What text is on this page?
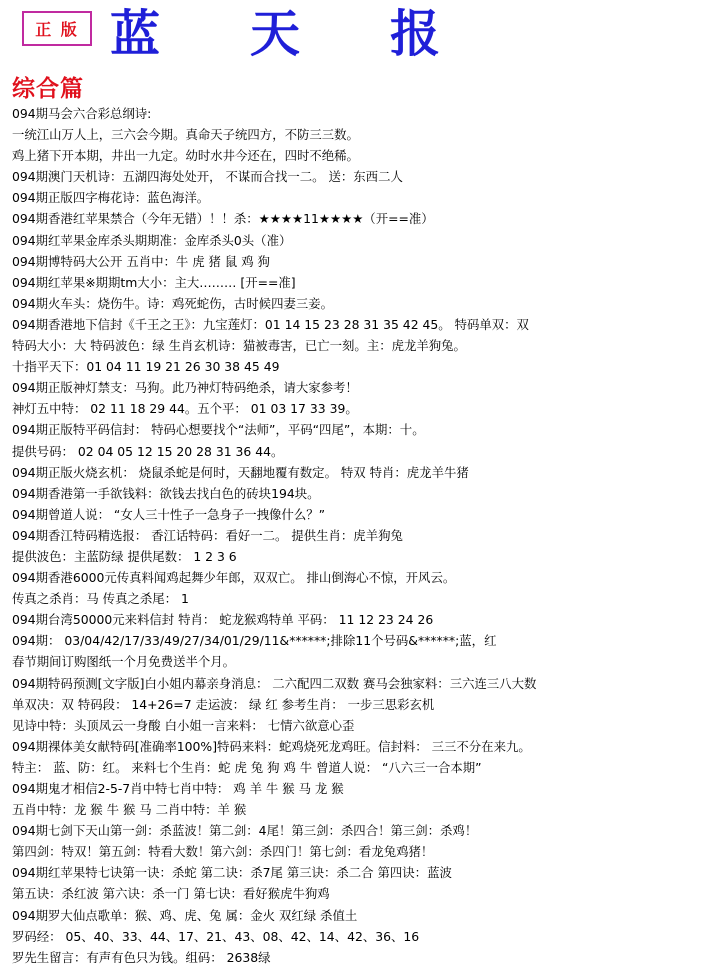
正 版 蓝 天 报
综合篇
094期马会六合彩总纲诗:
一统江山万人上，三六会今期。真命天子统四方，不防三三数。
鸡上猪下开本期，井出一九定。幼时水井今还在，四时不绝稀。
094期澳门天机诗：五湖四海处处开， 不谋而合找一二。 送：东西二人
094期正版四字梅花诗：蓝色海洋。
094期香港红苹果禁合（今年无错）！！杀：★★★★11★★★★（开==准）
094期红苹果金库杀头期期准：金库杀头0头（准）
094期博特码大公开 五肖中：牛 虎 猪 鼠 鸡 狗
094期红苹果※期期tm大小：主大……… [开==准]
094期火车头：烧伤牛。诗：鸡死蛇伤，古时候四妻三妾。
094期香港地下信封《千王之王》：九宝莲灯：01 14 15 23 28 31 35 42 45。 特码单双：双
特码大小：大 特码波色：绿 生肖玄机诗：猫被毒害，已亡一刻。主：虎龙羊狗兔。
十指平天下：01 04 11 19 21 26 30 38 45 49
094期正版神灯禁支：马狗。此乃神灯特码绝杀，请大家参考！
神灯五中特： 02 11 18 29 44。五个平： 01 03 17 33 39。
094期正版特平码信封： 特码心想要找个“法师”，平码“四尾”，本期：十。
提供号码： 02 04 05 12 15 20 28 31 36 44。
094期正版火烧玄机： 烧鼠杀蛇是何时，天翻地覆有数定。 特双 特肖：虎龙羊牛猪
094期香港第一手欲钱料：欲钱去找白色的砖块194块。
094期曾道人说： “女人三十性子一急身子一拽像什么？”
094期香江特码精选报： 香江话特码：看好一二。 提供生肖：虎羊狗兔
提供波色：主蓝防绿 提供尾数： 1 2 3 6
094期香港6000元传真料闻鸡起舞少年郎，双双亡。 排山倒海心不惊，开风云。
传真之杀肖：马 传真之杀尾： 1
094期台湾50000元来料信封 特肖： 蛇龙猴鸡特单 平码： 11 12 23 24 26
094期： 03/04/42/17/33/49/27/34/01/29/11&******;排除11个号码&******;蓝，红
春节期间订购图纸一个月免费送半个月。
094期特码预测[文字版]白小姐内幕亲身消息： 二六配四二双数 赛马会独家料：三六连三八大数
单双决：双 特码段： 14+26=7 走运波： 绿 红 参考生肖： 一步三思彩玄机
见诗中特：头顶凤云一身酸 白小姐一言来料： 七情六欲意心歪
094期裸体美女献特码[准确率100%]特码来料：蛇鸡烧死龙鸡旺。信封料： 三三不分在来九。
特主： 蓝、防：红。 来料七个生肖：蛇 虎 兔 狗 鸡 牛 曾道人说： “八六三一合本期”
094期鬼才相信2-5-7肖中特七肖中特： 鸡 羊 牛 猴 马 龙 猴
五肖中特：龙 猴 牛 猴 马 二肖中特：羊 猴
094期七剑下天山第一剑：杀蓝波！第二剑：4尾！第三剑：杀四合！第三剑：杀鸡！
第四剑：特双！第五剑：特看大数！第六剑：杀四门！第七剑：看龙兔鸡猪！
094期红苹果特七诀第一诀：杀蛇 第二诀：杀7尾 第三诀：杀二合 第四诀：蓝波
第五诀：杀红波 第六诀：杀一门 第七诀：看好猴虎牛狗鸡
094期罗大仙点歌单：猴、鸡、虎、兔 属：金火 双红绿 杀值土
罗码经： 05、40、33、44、17、21、43、08、42、14、42、36、16
罗先生留言：有声有色只为钱。组码： 2638绿
